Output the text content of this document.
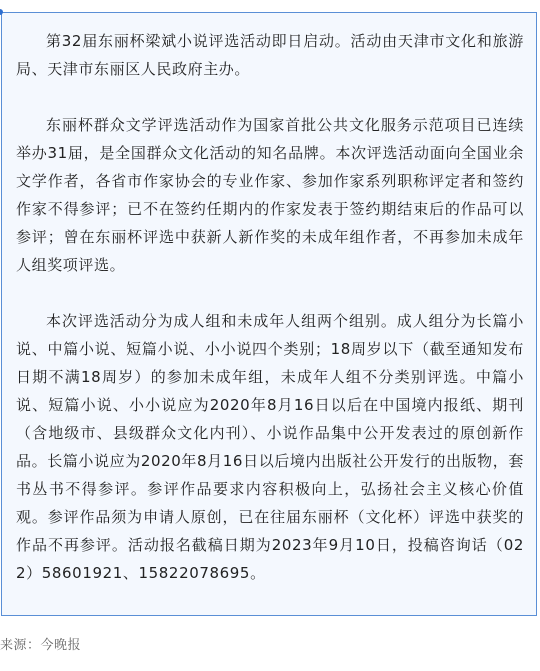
第32届东丽杯梁斌小说评选活动即日启动。活动由天津市文化和旅游局、天津市东丽区人民政府主办。

东丽杯群众文学评选活动作为国家首批公共文化服务示范项目已连续举办31届，是全国群众文化活动的知名品牌。本次评选活动面向全国业余文学作者，各省市作家协会的专业作家、参加作家系列职称评定者和签约作家不得参评；已不在签约任期内的作家发表于签约期结束后的作品可以参评；曾在东丽杯评选中获新人新作奖的未成年组作者，不再参加未成年人组奖项评选。

本次评选活动分为成人组和未成年人组两个组别。成人组分为长篇小说、中篇小说、短篇小说、小小说四个类别；18周岁以下（截至通知发布日期不满18周岁）的参加未成年组，未成年人组不分类别评选。中篇小说、短篇小说、小小说应为2020年8月16日以后在中国境内报纸、期刊（含地级市、县级群众文化内刊）、小说作品集中公开发表过的原创新作品。长篇小说应为2020年8月16日以后境内出版社公开发行的出版物，套书丛书不得参评。参评作品要求内容积极向上，弘扬社会主义核心价值观。参评作品须为申请人原创，已在往届东丽杯（文化杯）评选中获奖的作品不再参评。活动报名截稿日期为2023年9月10日，投稿咨询话（022）58601921、15822078695。

来源：今晚报
